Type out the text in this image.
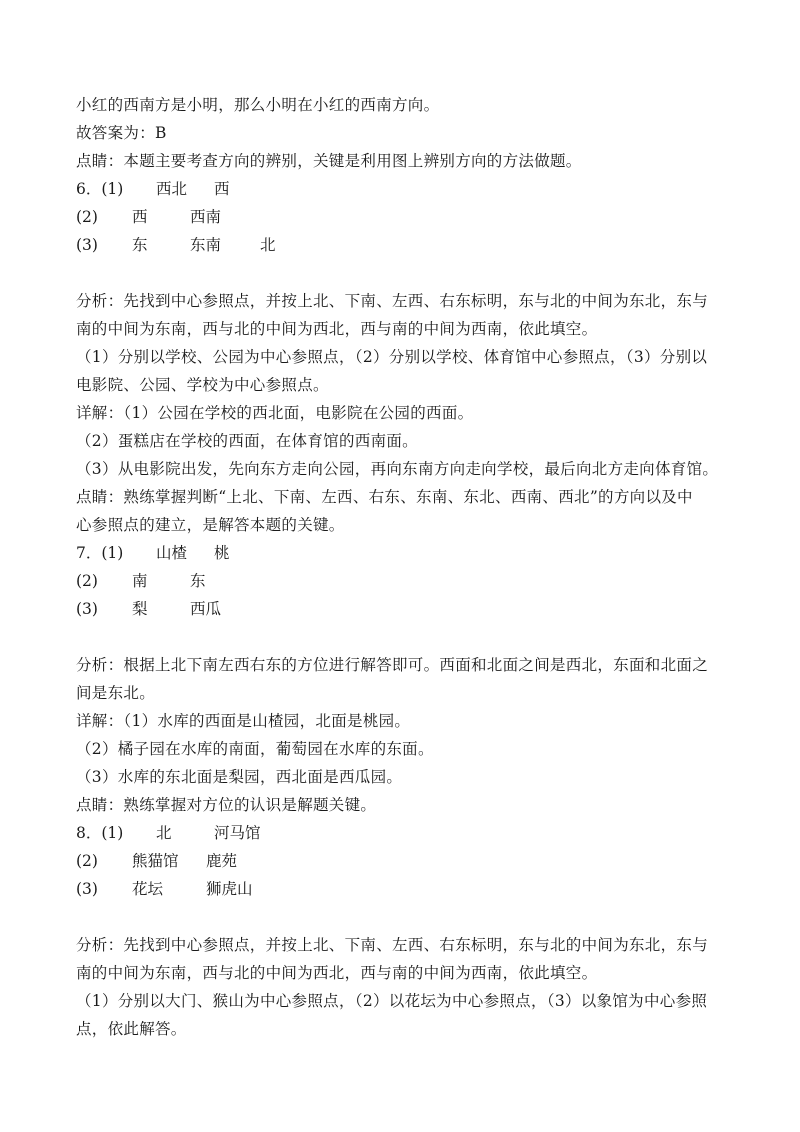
小红的西南方是小明，那么小明在小红的西南方向。
故答案为：B
点睛：本题主要考查方向的辨别，关键是利用图上辨别方向的方法做题。
6．(1) 西北 西
(2) 西	西南
(3) 东	东南	北
分析：先找到中心参照点，并按上北、下南、左西、右东标明，东与北的中间为东北，东与
南的中间为东南，西与北的中间为西北，西与南的中间为西南，依此填空。
（1）分别以学校、公园为中心参照点，（2）分别以学校、体育馆中心参照点，（3）分别以
电影院、公园、学校为中心参照点。
详解：（1）公园在学校的西北面，电影院在公园的西面。
（2）蛋糕店在学校的西面，在体育馆的西南面。
（3）从电影院出发，先向东方走向公园，再向东南方向走向学校，最后向北方走向体育馆。
点睛：熟练掌握判断“上北、下南、左西、右东、东南、东北、西南、西北”的方向以及中
心参照点的建立，是解答本题的关键。
7．(1) 山楂 桃
(2) 南	东
(3) 梨	西瓜
分析：根据上北下南左西右东的方位进行解答即可。西面和北面之间是西北，东面和北面之
间是东北。
详解：（1）水库的西面是山楂园，北面是桃园。
（2）橘子园在水库的南面，葡萄园在水库的东面。
（3）水库的东北面是梨园，西北面是西瓜园。
点睛：熟练掌握对方位的认识是解题关键。
8．(1) 北	河马馆
(2) 熊猫馆 鹿苑
(3) 花坛	狮虎山
分析：先找到中心参照点，并按上北、下南、左西、右东标明，东与北的中间为东北，东与
南的中间为东南，西与北的中间为西北，西与南的中间为西南，依此填空。
（1）分别以大门、猴山为中心参照点，（2）以花坛为中心参照点，（3）以象馆为中心参照
点，依此解答。
